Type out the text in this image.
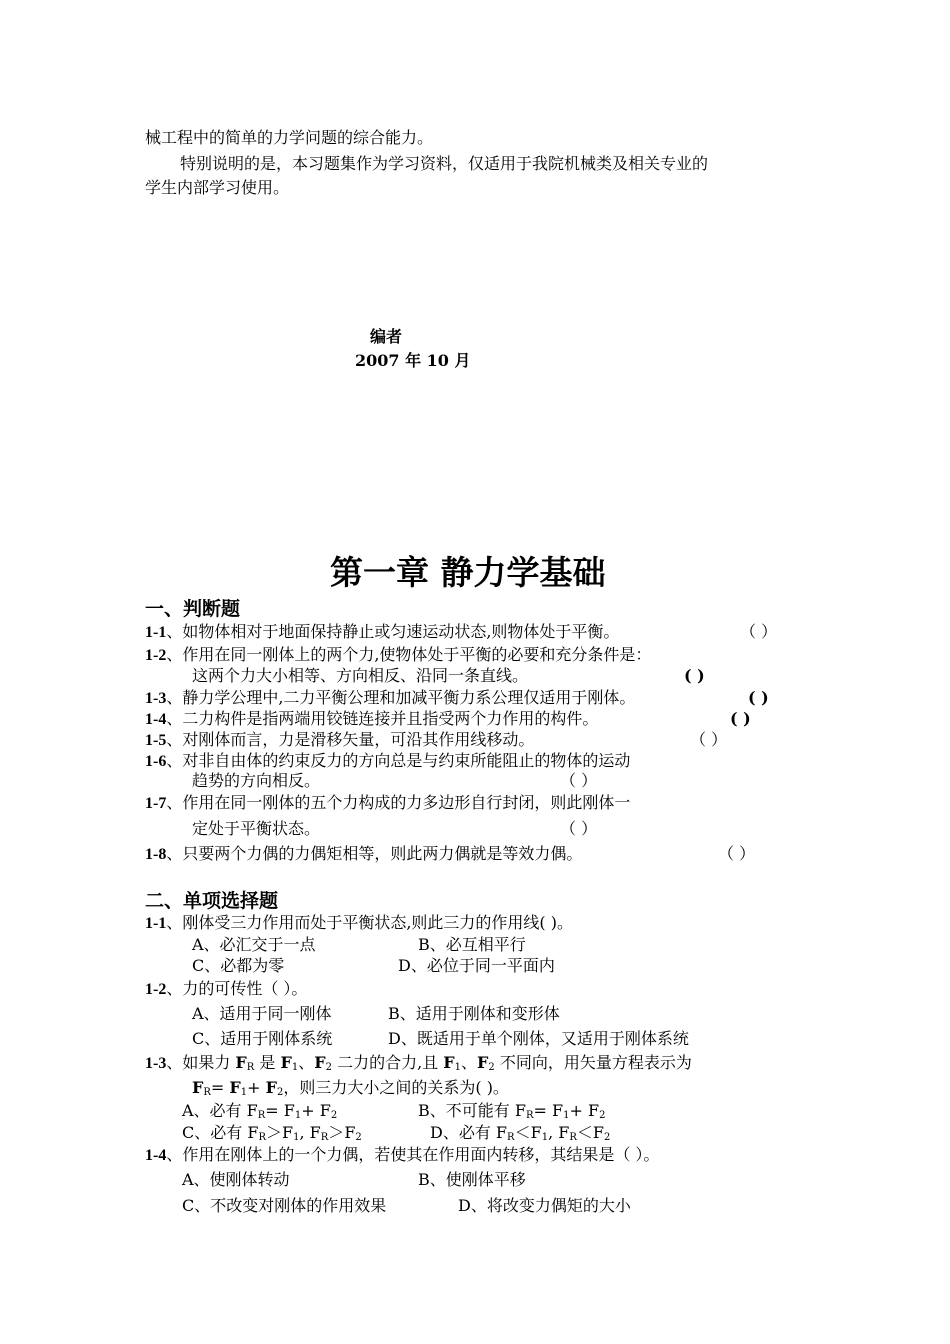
械工程中的简单的力学问题的综合能力。
特别说明的是，本习题集作为学习资料，仅适用于我院机械类及相关专业的
学生内部学习使用。
编者
2007 年 10 月
第一章 静力学基础
一、判断题
1-1、如物体相对于地面保持静止或匀速运动状态,则物体处于平衡。	（ ）
1-2、作用在同一刚体上的两个力,使物体处于平衡的必要和充分条件是：
这两个力大小相等、方向相反、沿同一条直线。	( )
1-3、静力学公理中,二力平衡公理和加减平衡力系公理仅适用于刚体。	( )
1-4、二力构件是指两端用铰链连接并且指受两个力作用的构件。	( )
1-5、对刚体而言，力是滑移矢量，可沿其作用线移动。	（ ）
1-6、对非自由体的约束反力的方向总是与约束所能阻止的物体的运动
趋势的方向相反。	（ ）
1-7、作用在同一刚体的五个力构成的力多边形自行封闭，则此刚体一
定处于平衡状态。	（ ）
1-8、只要两个力偶的力偶矩相等，则此两力偶就是等效力偶。	（ ）
二、单项选择题
1-1、刚体受三力作用而处于平衡状态,则此三力的作用线( )。
A、必汇交于一点	B、必互相平行
C、必都为零	D、必位于同一平面内
1-2、力的可传性（ ）。
A、适用于同一刚体	B、适用于刚体和变形体
C、适用于刚体系统	D、既适用于单个刚体，又适用于刚体系统
1-3、如果力 $F_R$ 是 $F_1$、$F_2$ 二力的合力,且 $F_1$、$F_2$ 不同向，用矢量方程表示为
$F_R= F_1+ F_2$，则三力大小之间的关系为( )。
A、必有 $F_R= F_1+ F_2$	B、不可能有 $F_R= F_1+ F_2$
C、必有 $F_R>F_1$, $F_R>F_2$	D、必有 $F_R<F_1$, $F_R<F_2$
1-4、作用在刚体上的一个力偶，若使其在作用面内转移，其结果是（ ）。
A、使刚体转动	B、使刚体平移
C、不改变对刚体的作用效果	D、将改变力偶矩的大小
